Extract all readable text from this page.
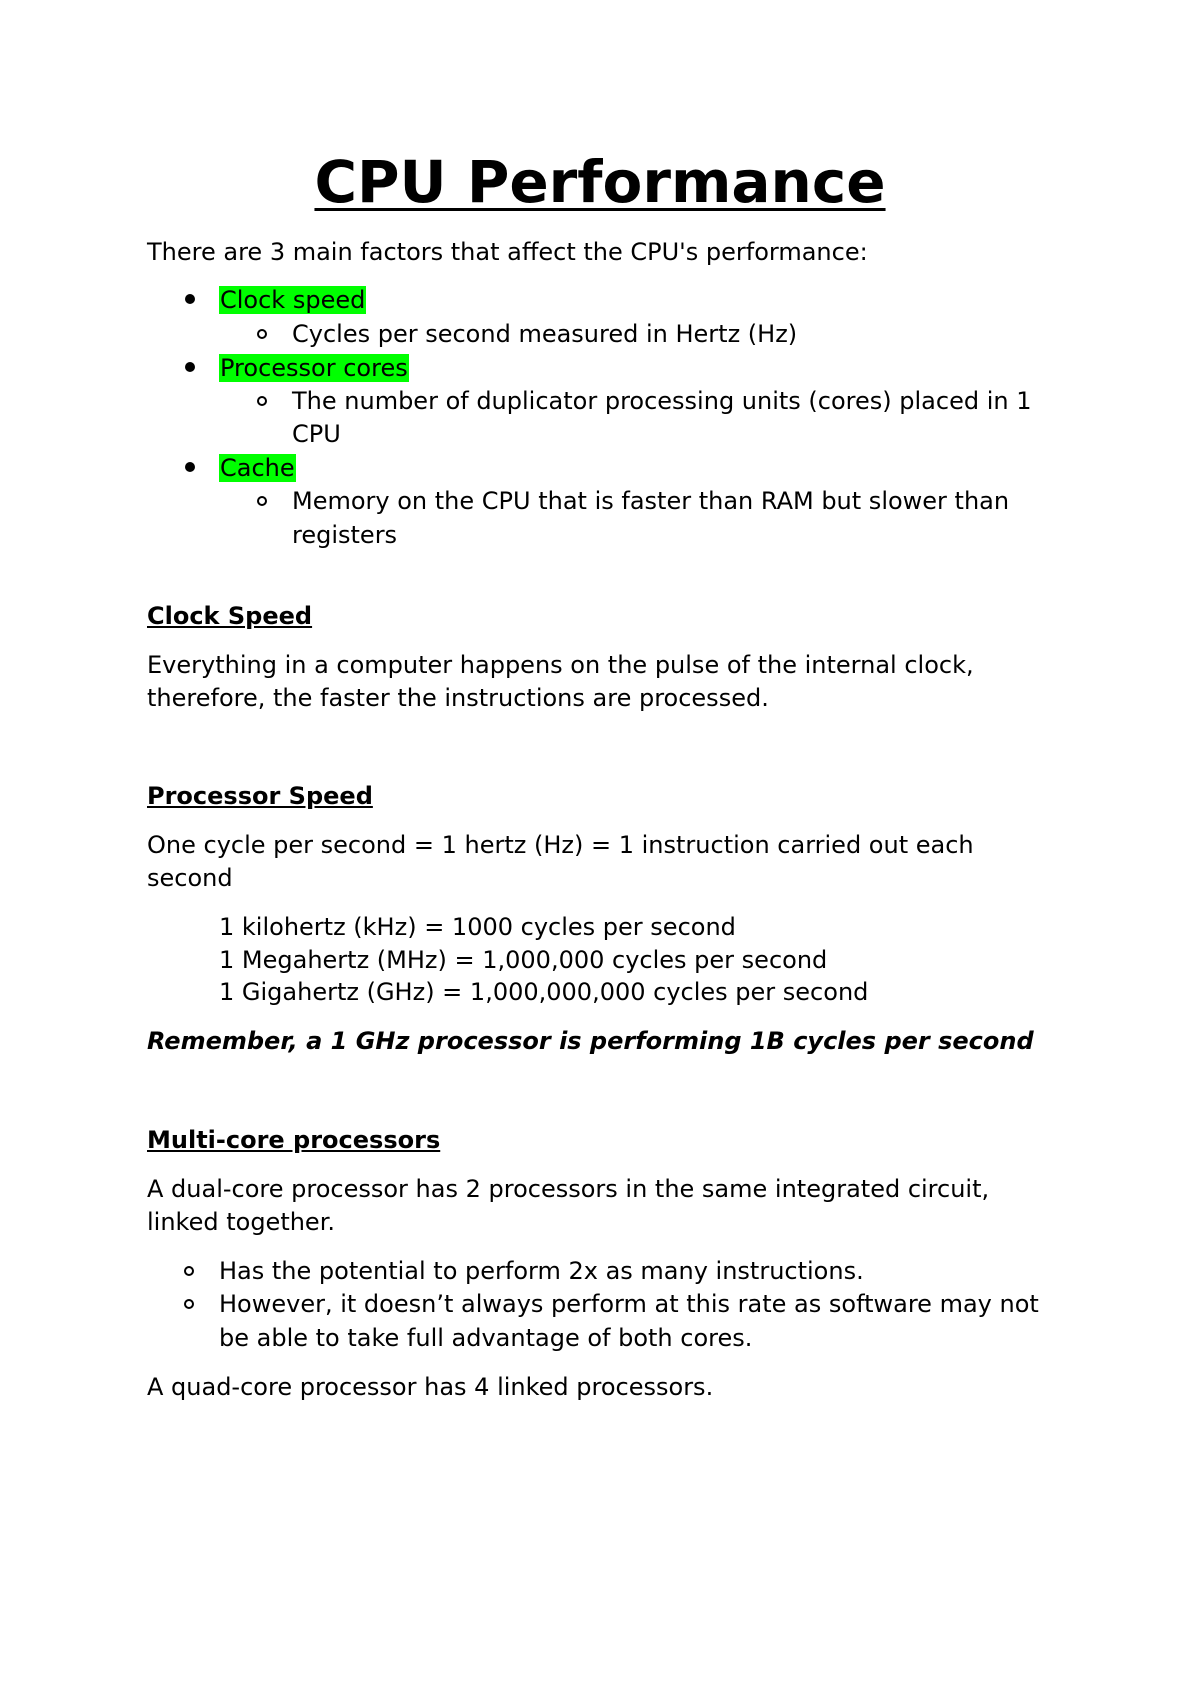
CPU Performance

There are 3 main factors that affect the CPU's performance:

Clock speed

Cycles per second measured in Hertz (Hz)

Processor cores

The number of duplicator processing units (cores) placed in 1

CPU

Cache

Memory on the CPU that is faster than RAM but slower than

registers

Clock Speed

Everything in a computer happens on the pulse of the internal clock,

therefore, the faster the instructions are processed.

Processor Speed

One cycle per second = 1 hertz (Hz) = 1 instruction carried out each

second

1 kilohertz (kHz) = 1000 cycles per second

1 Megahertz (MHz) = 1,000,000 cycles per second

1 Gigahertz (GHz) = 1,000,000,000 cycles per second

Remember, a 1 GHz processor is performing 1B cycles per second

Multi-core processors

A dual-core processor has 2 processors in the same integrated circuit,

linked together.

Has the potential to perform 2x as many instructions.

However, it doesn’t always perform at this rate as software may not

be able to take full advantage of both cores.

A quad-core processor has 4 linked processors.
